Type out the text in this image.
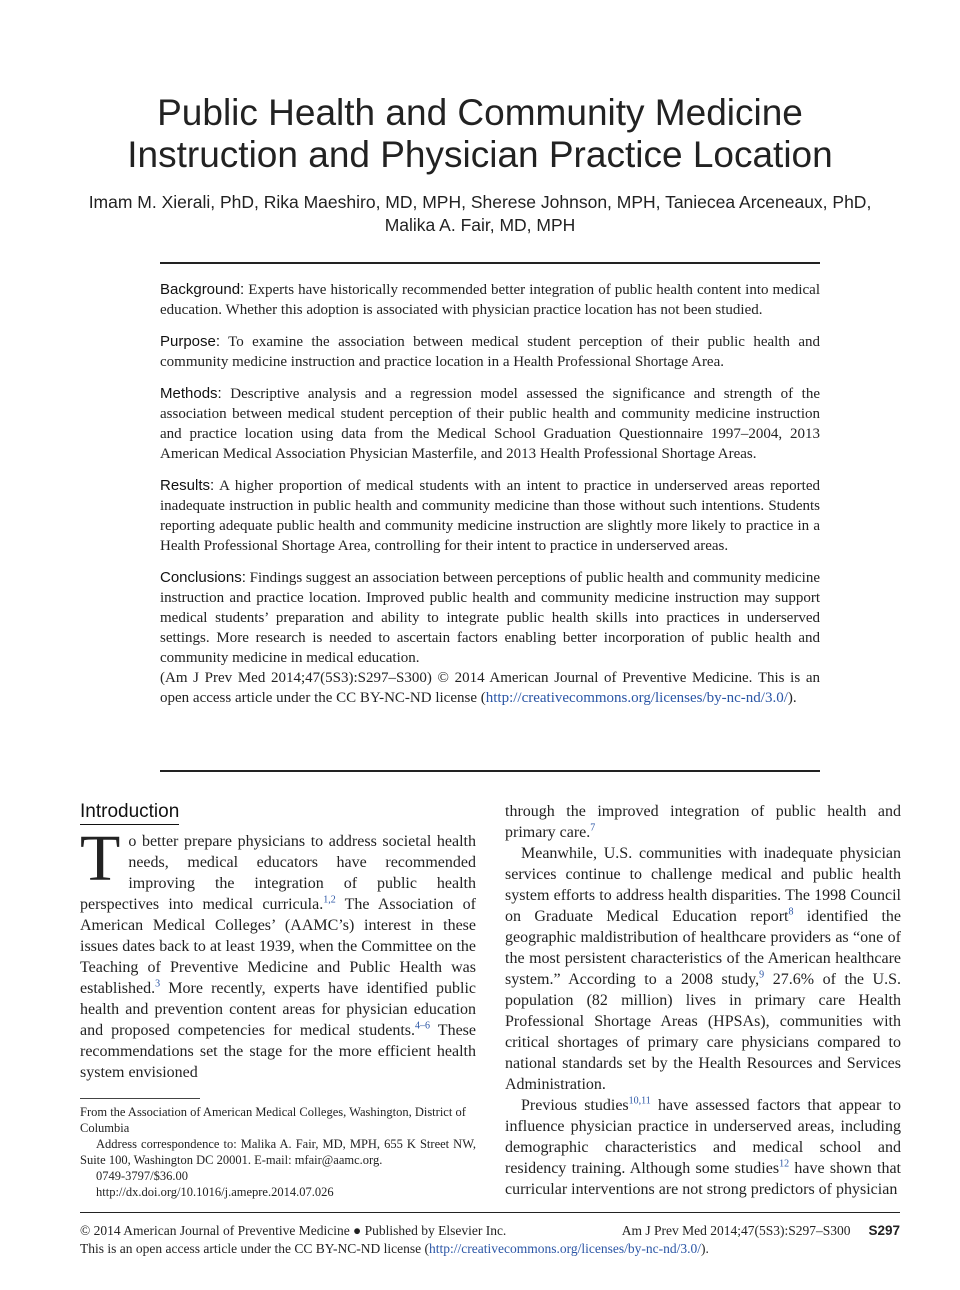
Public Health and Community Medicine
Instruction and Physician Practice Location
Imam M. Xierali, PhD, Rika Maeshiro, MD, MPH, Sherese Johnson, MPH, Taniecea Arceneaux, PhD,
Malika A. Fair, MD, MPH

Background: Experts have historically recommended better integration of public health content into medical education. Whether this adoption is associated with physician practice location has not been studied.

Purpose: To examine the association between medical student perception of their public health and community medicine instruction and practice location in a Health Professional Shortage Area.

Methods: Descriptive analysis and a regression model assessed the significance and strength of the association between medical student perception of their public health and community medicine instruction and practice location using data from the Medical School Graduation Questionnaire 1997–2004, 2013 American Medical Association Physician Masterfile, and 2013 Health Professional Shortage Areas.

Results: A higher proportion of medical students with an intent to practice in underserved areas reported inadequate instruction in public health and community medicine than those without such intentions. Students reporting adequate public health and community medicine instruction are slightly more likely to practice in a Health Professional Shortage Area, controlling for their intent to practice in underserved areas.

Conclusions: Findings suggest an association between perceptions of public health and community medicine instruction and practice location. Improved public health and community medicine instruction may support medical students’ preparation and ability to integrate public health skills into practices in underserved settings. More research is needed to ascertain factors enabling better incorporation of public health and community medicine in medical education.

(Am J Prev Med 2014;47(5S3):S297–S300) © 2014 American Journal of Preventive Medicine. This is an open access article under the CC BY-NC-ND license (http://creativecommons.org/licenses/by-nc-nd/3.0/).

Introduction

To better prepare physicians to address societal health needs, medical educators have recommended improving the integration of public health perspectives into medical curricula.$^{1,2}$ The Association of American Medical Colleges’ (AAMC’s) interest in these issues dates back to at least 1939, when the Committee on the Teaching of Preventive Medicine and Public Health was established.$^3$ More recently, experts have identified public health and prevention content areas for physician education and proposed competencies for medical students.$^{4-6}$ These recommendations set the stage for the more efficient health system envisioned

through the improved integration of public health and primary care.$^7$

Meanwhile, U.S. communities with inadequate physician services continue to challenge medical and public health system efforts to address health disparities. The 1998 Council on Graduate Medical Education report$^8$ identified the geographic maldistribution of healthcare providers as “one of the most persistent characteristics of the American healthcare system.” According to a 2008 study,$^9$ 27.6% of the U.S. population (82 million) lives in primary care Health Professional Shortage Areas (HPSAs), communities with critical shortages of primary care physicians compared to national standards set by the Health Resources and Services Administration.

Previous studies$^{10,11}$ have assessed factors that appear to influence physician practice in underserved areas, including demographic characteristics and medical school and residency training. Although some studies$^{12}$ have shown that curricular interventions are not strong predictors of physician

From the Association of American Medical Colleges, Washington, District of Columbia

Address correspondence to: Malika A. Fair, MD, MPH, 655 K Street NW, Suite 100, Washington DC 20001. E-mail: mfair@aamc.org.

0749-3797/$36.00

http://dx.doi.org/10.1016/j.amepre.2014.07.026

© 2014 American Journal of Preventive Medicine ● Published by Elsevier Inc.	Am J Prev Med 2014;47(5S3):S297–S300 S297
This is an open access article under the CC BY-NC-ND license (http://creativecommons.org/licenses/by-nc-nd/3.0/).
